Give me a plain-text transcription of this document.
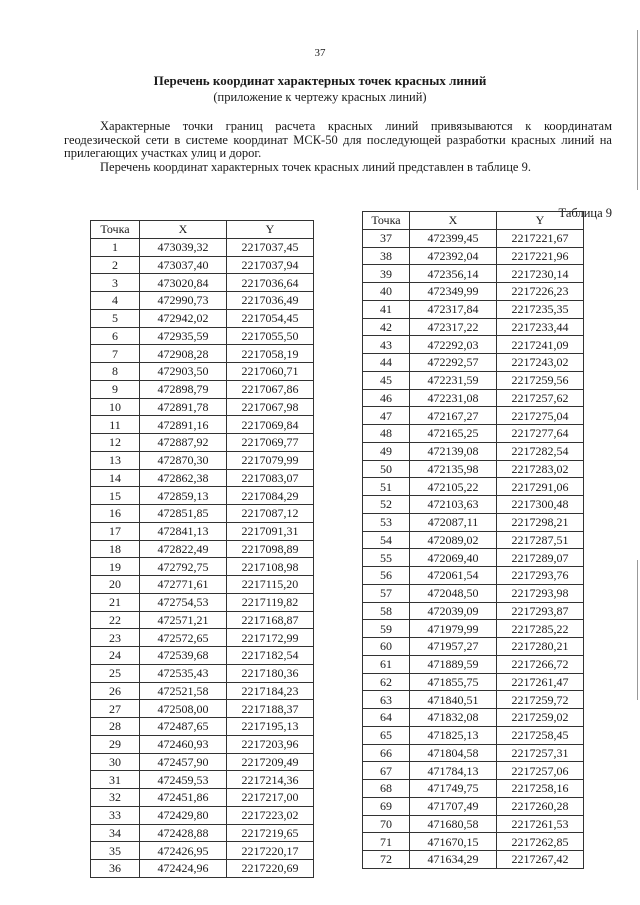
37
Перечень координат характерных точек красных линий
(приложение к чертежу красных линий)

Характерные точки границ расчета красных линий привязываются к координатам геодезической сети в системе координат МСК-50 для последующей разработки красных линий на прилегающих участках улиц и дорог.

Перечень координат характерных точек красных линий представлен в таблице 9.

Таблица 9
Точка	X	Y
1	473039,32	2217037,45
2	473037,40	2217037,94
3	473020,84	2217036,64
4	472990,73	2217036,49
5	472942,02	2217054,45
6	472935,59	2217055,50
7	472908,28	2217058,19
8	472903,50	2217060,71
9	472898,79	2217067,86
10	472891,78	2217067,98
11	472891,16	2217069,84
12	472887,92	2217069,77
13	472870,30	2217079,99
14	472862,38	2217083,07
15	472859,13	2217084,29
16	472851,85	2217087,12
17	472841,13	2217091,31
18	472822,49	2217098,89
19	472792,75	2217108,98
20	472771,61	2217115,20
21	472754,53	2217119,82
22	472571,21	2217168,87
23	472572,65	2217172,99
24	472539,68	2217182,54
25	472535,43	2217180,36
26	472521,58	2217184,23
27	472508,00	2217188,37
28	472487,65	2217195,13
29	472460,93	2217203,96
30	472457,90	2217209,49
31	472459,53	2217214,36
32	472451,86	2217217,00
33	472429,80	2217223,02
34	472428,88	2217219,65
35	472426,95	2217220,17
36	472424,96	2217220,69
Точка	X	Y
37	472399,45	2217221,67
38	472392,04	2217221,96
39	472356,14	2217230,14
40	472349,99	2217226,23
41	472317,84	2217235,35
42	472317,22	2217233,44
43	472292,03	2217241,09
44	472292,57	2217243,02
45	472231,59	2217259,56
46	472231,08	2217257,62
47	472167,27	2217275,04
48	472165,25	2217277,64
49	472139,08	2217282,54
50	472135,98	2217283,02
51	472105,22	2217291,06
52	472103,63	2217300,48
53	472087,11	2217298,21
54	472089,02	2217287,51
55	472069,40	2217289,07
56	472061,54	2217293,76
57	472048,50	2217293,98
58	472039,09	2217293,87
59	471979,99	2217285,22
60	471957,27	2217280,21
61	471889,59	2217266,72
62	471855,75	2217261,47
63	471840,51	2217259,72
64	471832,08	2217259,02
65	471825,13	2217258,45
66	471804,58	2217257,31
67	471784,13	2217257,06
68	471749,75	2217258,16
69	471707,49	2217260,28
70	471680,58	2217261,53
71	471670,15	2217262,85
72	471634,29	2217267,42
